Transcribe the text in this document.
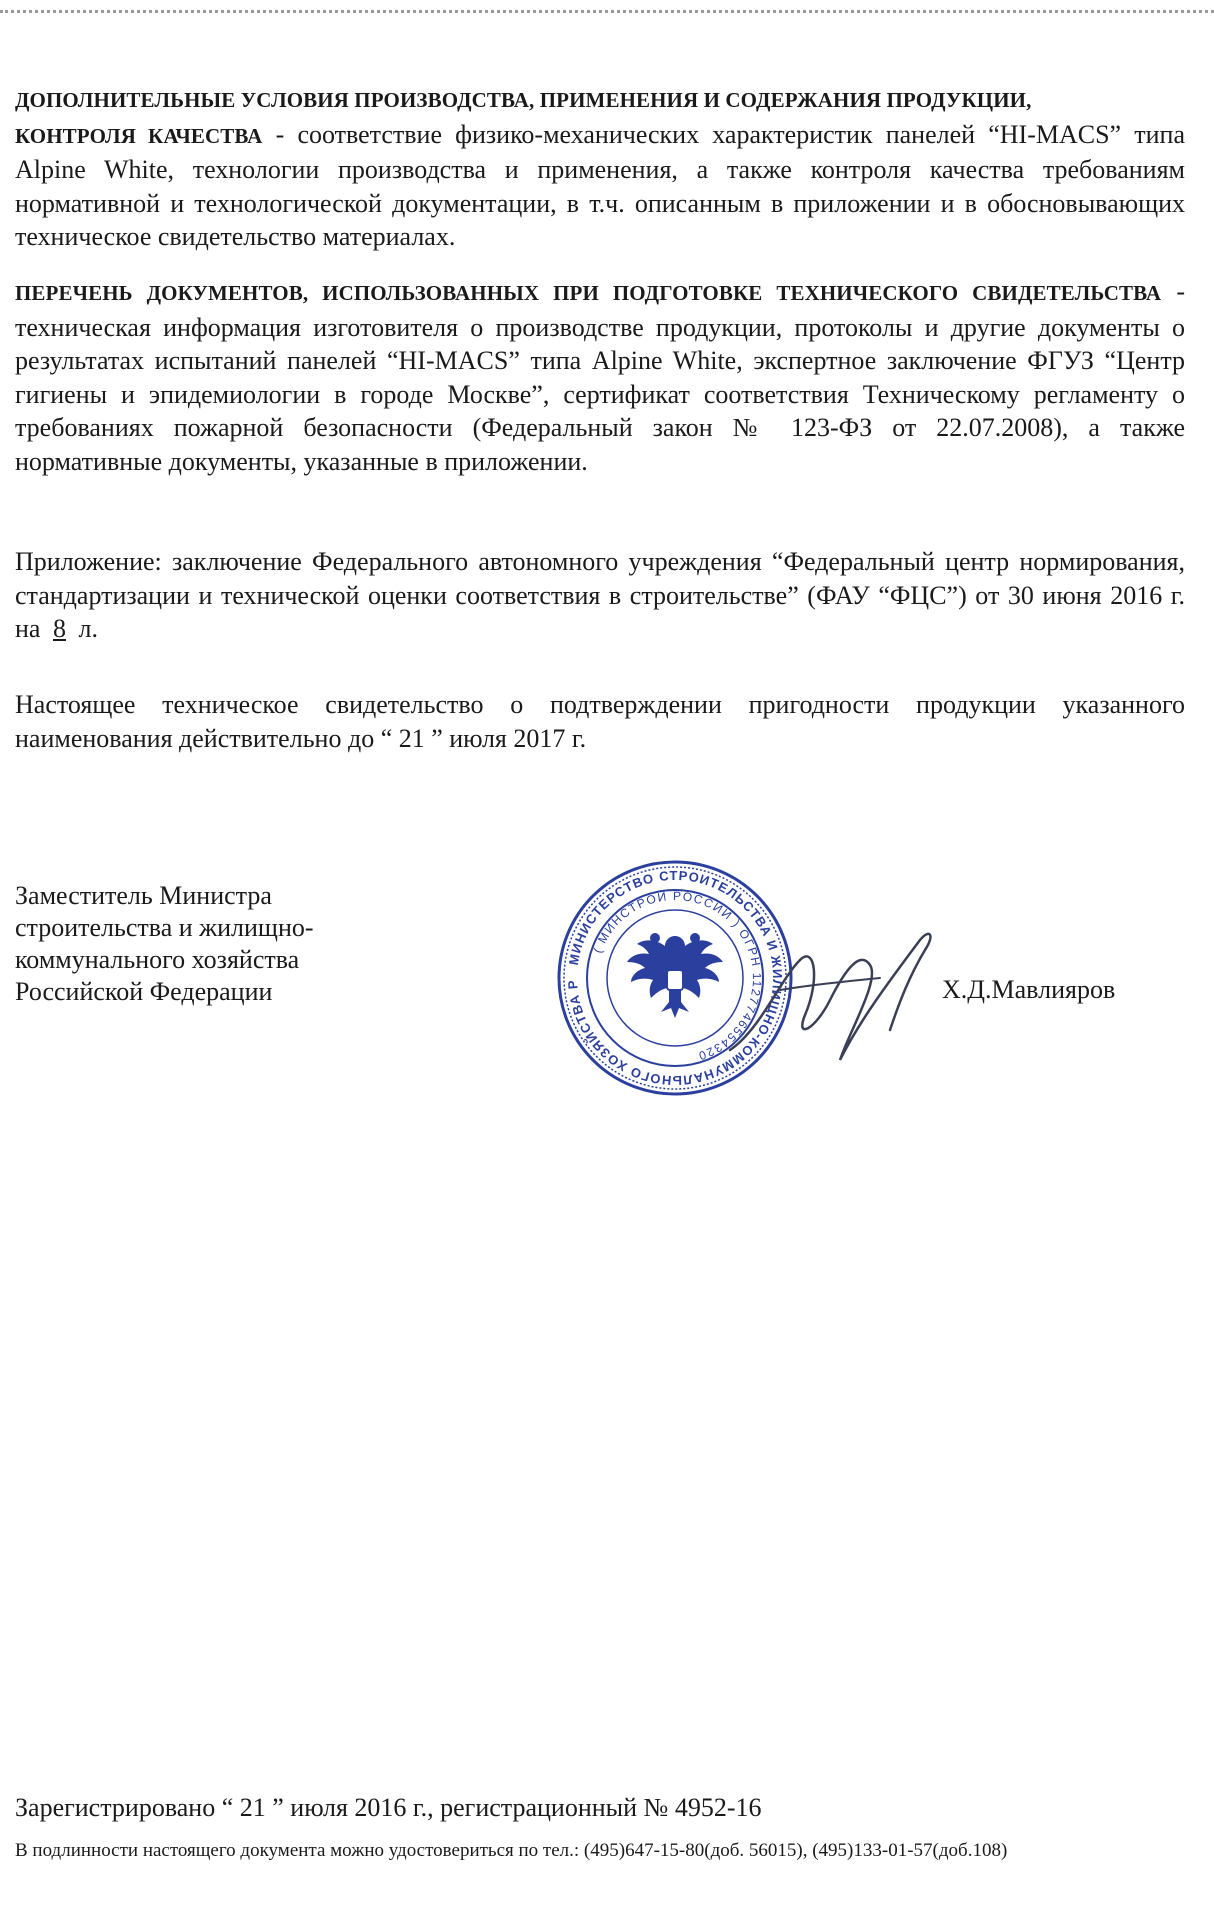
ДОПОЛНИТЕЛЬНЫЕ УСЛОВИЯ ПРОИЗВОДСТВА, ПРИМЕНЕНИЯ И СОДЕРЖАНИЯ ПРОДУКЦИИ,
КОНТРОЛЯ КАЧЕСТВА - соответствие физико-механических характеристик панелей “HI-MACS” типа Alpine White, технологии производства и применения, а также контроля качества требованиям нормативной и технологической документации, в т.ч. описанным в приложении и в обосновывающих техническое свидетельство материалах.
ПЕРЕЧЕНЬ ДОКУМЕНТОВ, ИСПОЛЬЗОВАННЫХ ПРИ ПОДГОТОВКЕ ТЕХНИЧЕСКОГО СВИДЕТЕЛЬСТВА - техническая информация изготовителя о производстве продукции, протоколы и другие документы о результатах испытаний панелей “HI-MACS” типа Alpine White, экспертное заключение ФГУЗ “Центр гигиены и эпидемиологии в городе Москве”, сертификат соответствия Техническому регламенту о требованиях пожарной безопасности (Федеральный закон № 123-ФЗ от 22.07.2008), а также нормативные документы, указанные в приложении.
Приложение: заключение Федерального автономного учреждения “Федеральный центр нормирования, стандартизации и технической оценки соответствия в строительстве” (ФАУ “ФЦС”) от 30 июня 2016 г. на 8 л.
Настоящее техническое свидетельство о подтверждении пригодности продукции указанного наименования действительно до “ 21 ” июля 2017 г.
Заместитель Министра
строительства и жилищно-
коммунального хозяйства
Российской Федерации
МИНИСТЕРСТВО СТРОИТЕЛЬСТВА И ЖИЛИЩНО-КОММУНАЛЬНОГО ХОЗЯЙСТВА Р
( МИНСТРОЙ РОССИИ ) ОГРН 1127746554320
Х.Д.Мавлияров
Зарегистрировано “ 21 ” июля 2016 г., регистрационный № 4952-16
В подлинности настоящего документа можно удостовериться по тел.: (495)647-15-80(доб. 56015), (495)133-01-57(доб.108)
